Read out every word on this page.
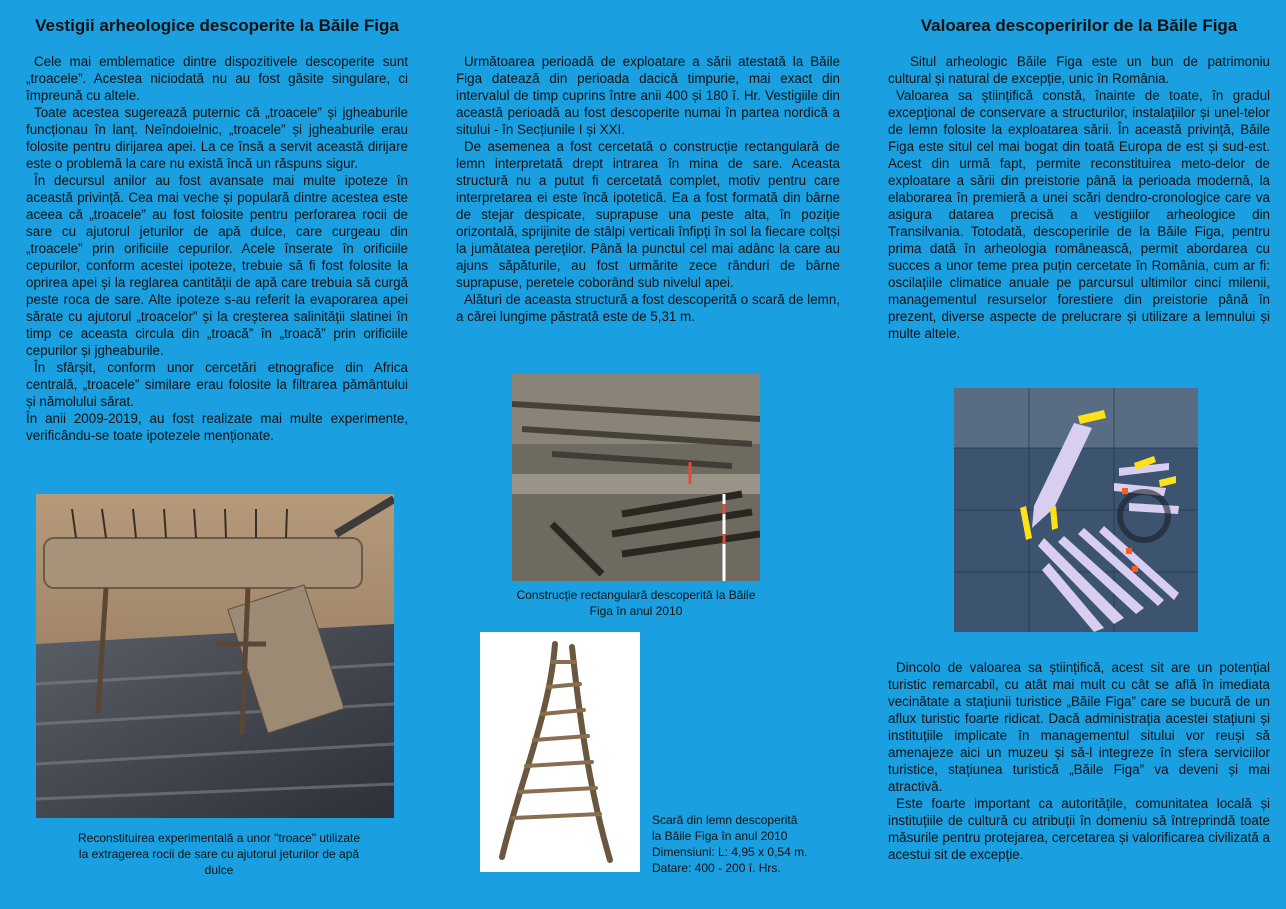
Vestigii arheologice descoperite la Băile Figa

Cele mai emblematice dintre dispozitivele descoperite sunt „troacele”. Acestea niciodată nu au fost găsite singulare, ci împreună cu altele.

Toate acestea sugerează puternic că „troacele” și jgheaburile funcționau în lanț. Neîndoielnic, „troacele” și jgheaburile erau folosite pentru dirijarea apei. La ce însă a servit această dirijare este o problemă la care nu există încă un răspuns sigur.

În decursul anilor au fost avansate mai multe ipoteze în această privință. Cea mai veche și populară dintre acestea este aceea că „troacele” au fost folosite pentru perforarea rocii de sare cu ajutorul jeturilor de apă dulce, care curgeau din „troacele” prin orificiile cepurilor. Acele înserate în orificiile cepurilor, conform acestei ipoteze, trebuie să fi fost folosite la oprirea apei și la reglarea cantității de apă care trebuia să curgă peste roca de sare. Alte ipoteze s-au referit la evaporarea apei sărate cu ajutorul „troacelor” și la creșterea salinității slatinei în timp ce aceasta circula din „troacă” în „troacă” prin orificiile cepurilor și jgheaburile.

În sfârșit, conform unor cercetări etnografice din Africa centrală, „troacele” similare erau folosite la filtrarea pământului și nămolului sărat.

În anii 2009-2019, au fost realizate mai multe experimente, verificându-se toate ipotezele menționate.

Reconstituirea experimentală a unor "troace" utilizate la extragerea rocii de sare cu ajutorul jeturilor de apă dulce

Următoarea perioadă de exploatare a sării atestată la Băile Figa datează din perioada dacică timpurie, mai exact din intervalul de timp cuprins între anii 400 și 180 î. Hr. Vestigiile din această perioadă au fost descoperite numai în partea nordică a sitului - în Secțiunile I și XXI.

De asemenea a fost cercetată o construcție rectangulară de lemn interpretată drept intrarea în mina de sare. Aceasta structură nu a putut fi cercetată complet, motiv pentru care interpretarea ei este încă ipotetică. Ea a fost formată din bârne de stejar despicate, suprapuse una peste alta, în poziție orizontală, sprijinite de stâlpi verticali înfipți în sol la fiecare colțși la jumătatea pereților. Până la punctul cel mai adânc la care au ajuns săpăturile, au fost urmărite zece rânduri de bârne suprapuse, peretele coborând sub nivelul apei.

Alături de aceasta structură a fost descoperită o scară de lemn, a cărei lungime păstrată este de 5,31 m.

Construcție rectangulară descoperită la Băile Figa în anul 2010
Scară din lemn descoperită
la Băile Figa în anul 2010
Dimensiuni: L: 4,95 x 0,54 m.
Datare: 400 - 200 î. Hrs.
Valoarea descoperirilor de la Băile Figa

Situl arheologic Băile Figa este un bun de patrimoniu cultural și natural de excepție, unic în România.

Valoarea sa științifică constă, înainte de toate, în gradul excepțional de conservare a structurilor, instalațiilor și unel-telor de lemn folosite la exploatarea sării. În această privință, Băile Figa este situl cel mai bogat din toată Europa de est și sud-est. Acest din urmă fapt, permite reconstituirea meto-delor de exploatare a sării din preistorie până la perioada modernă, la elaborarea în premieră a unei scări dendro-cronologice care va asigura datarea precisă a vestigiilor arheologice din Transilvania. Totodată, descoperirile de la Băile Figa, pentru prima dată în arheologia românească, permit abordarea cu succes a unor teme prea puțin cercetate în România, cum ar fi: oscilațiile climatice anuale pe parcursul ultimilor cinci milenii, managementul resurselor forestiere din preistorie până în prezent, diverse aspecte de prelucrare și utilizare a lemnului și multe altele.

Dincolo de valoarea sa științifică, acest sit are un potențial turistic remarcabil, cu atât mai mult cu cât se află în imediata vecinătate a stațiunii turistice „Băile Figa” care se bucură de un aflux turistic foarte ridicat. Dacă administrația acestei stațiuni și instituțiile implicate în managementul sitului vor reuși să amenajeze aici un muzeu și să-l integreze în sfera serviciilor turistice, stațiunea turistică „Băile Figa” va deveni și mai atractivă.

Este foarte important ca autoritățile, comunitatea locală și instituțiile de cultură cu atribuții în domeniu să întreprindă toate măsurile pentru protejarea, cercetarea și valorificarea civilizată a acestui sit de excepție.
